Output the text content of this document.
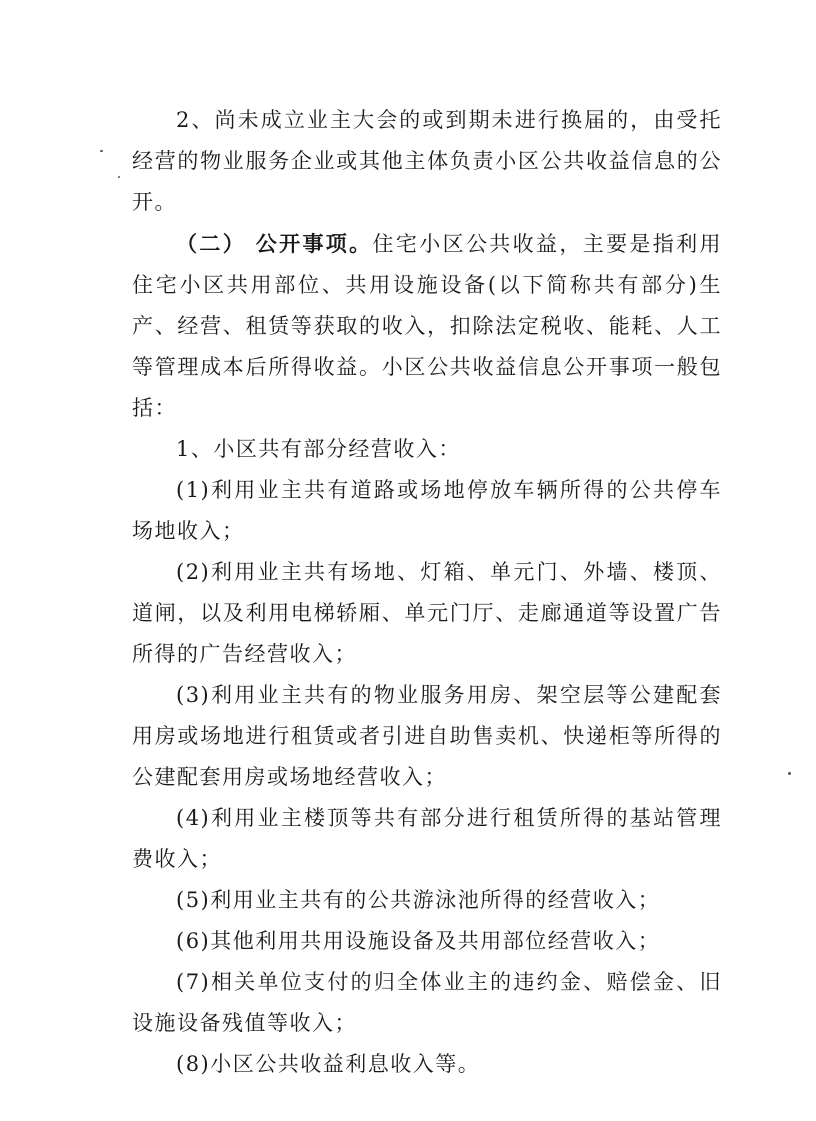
2、尚未成立业主大会的或到期未进行换届的，由受托经营的物业服务企业或其他主体负责小区公共收益信息的公开。

（二） 公开事项。住宅小区公共收益，主要是指利用住宅小区共用部位、共用设施设备(以下简称共有部分)生产、经营、租赁等获取的收入，扣除法定税收、能耗、人工等管理成本后所得收益。小区公共收益信息公开事项一般包括：

1、小区共有部分经营收入：

(1)利用业主共有道路或场地停放车辆所得的公共停车场地收入；

(2)利用业主共有场地、灯箱、单元门、外墙、楼顶、道闸，以及利用电梯轿厢、单元门厅、走廊通道等设置广告所得的广告经营收入；

(3)利用业主共有的物业服务用房、架空层等公建配套用房或场地进行租赁或者引进自助售卖机、快递柜等所得的公建配套用房或场地经营收入；

(4)利用业主楼顶等共有部分进行租赁所得的基站管理费收入；

(5)利用业主共有的公共游泳池所得的经营收入；

(6)其他利用共用设施设备及共用部位经营收入；

(7)相关单位支付的归全体业主的违约金、赔偿金、旧设施设备残值等收入；

(8)小区公共收益利息收入等。
